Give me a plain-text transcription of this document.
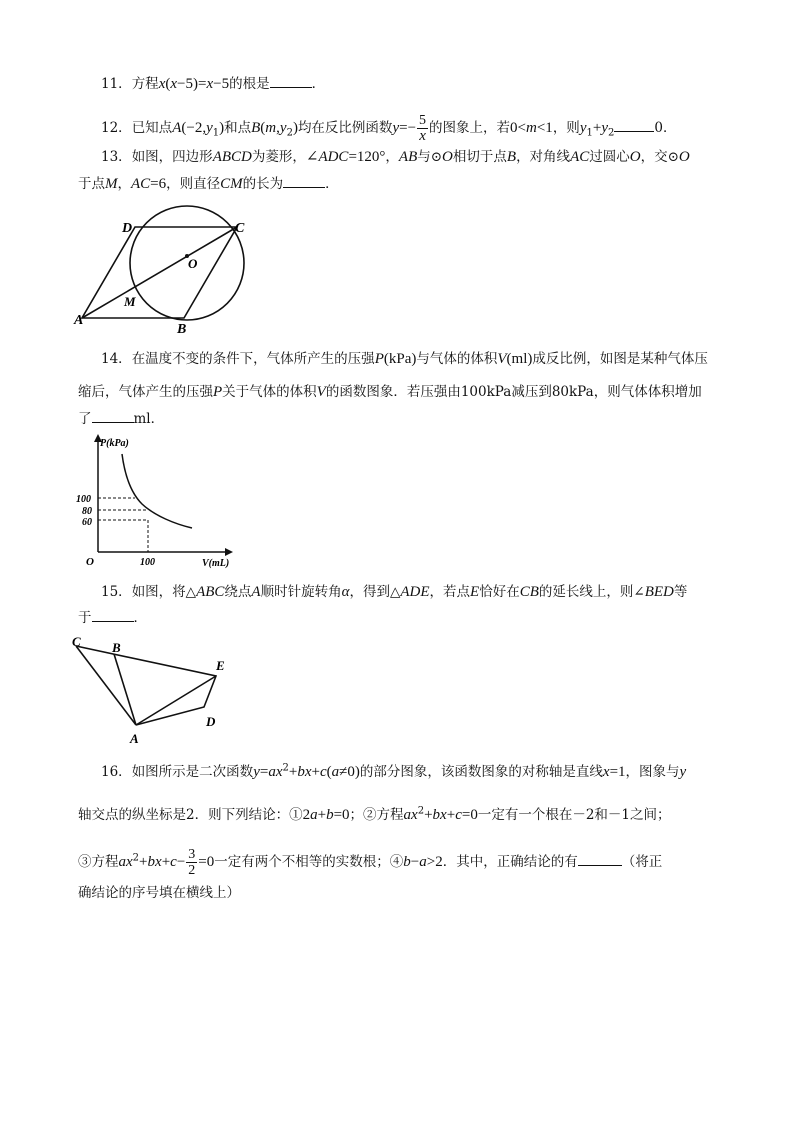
11．方程x(x−5)=x−5的根是	．
12．已知点$A(-2,y_1)$和点$B(m,y_2)$均在反比例函数$y=- \frac{5}{x}$ 的图象上，若0<m<1，则$y_1+y_2$	0．
13．如图，四边形ABCD为菱形，∠ADC=120°，AB与⊙O相切于点B，对角线AC过圆心O，交⊙O
于点M，AC=6，则直径CM的长为	．
D	C
O
M
A
B
14．在温度不变的条件下，气体所产生的压强P(kPa)与气体的体积V(ml)成反比例，如图是某种气体压
缩后，气体产生的压强P关于气体的体积V的函数图象．若压强由100kPa减压到80kPa，则气体体积增加
了	ml．
P(kPa)
V(mL)
100
80
60
100
O
15．如图，将△ABC绕点A顺时针旋转角α，得到△ADE，若点E恰好在CB的延长线上，则∠BED等
于	．
C B
E
D
A
16．如图所示是二次函数$y=ax^2+bx+c(a\ne 0)$的部分图象，该函数图象的对称轴是直线x=1，图象与y
轴交点的纵坐标是2．则下列结论：①2a+b=0；②方程$ax^2+bx+c=0$一定有一个根在－2和－1之间；
③方程$ax^2+bx+c- \frac{3}{2} =0$一定有两个不相等的实数根；④b−a>2．其中，正确结论的有	（将正
确结论的序号填在横线上）
